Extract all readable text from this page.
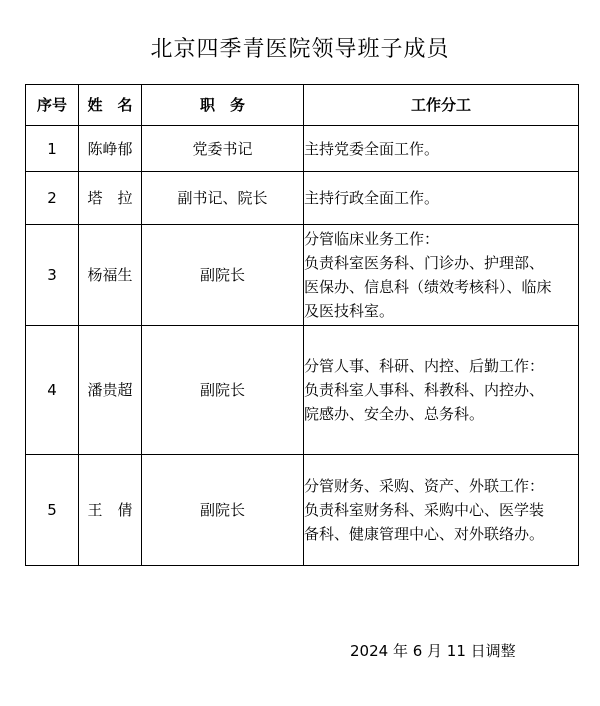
北京四季青医院领导班子成员
序号	姓　名	职　务	工作分工
1	陈峥郁	党委书记	主持党委全面工作。

2	塔　拉	副书记、院长	主持行政全面工作。

3	杨福生	副院长	分管临床业务工作：
负责科室医务科、门诊办、护理部、
医保办、信息科（绩效考核科）、临床
及医技科室。

4	潘贵超	副院长	分管人事、科研、内控、后勤工作：
负责科室人事科、科教科、内控办、
院感办、安全办、总务科。

5	王　倩	副院长	分管财务、采购、资产、外联工作：
负责科室财务科、采购中心、医学装
备科、健康管理中心、对外联络办。
2024 年 6 月 11 日调整
